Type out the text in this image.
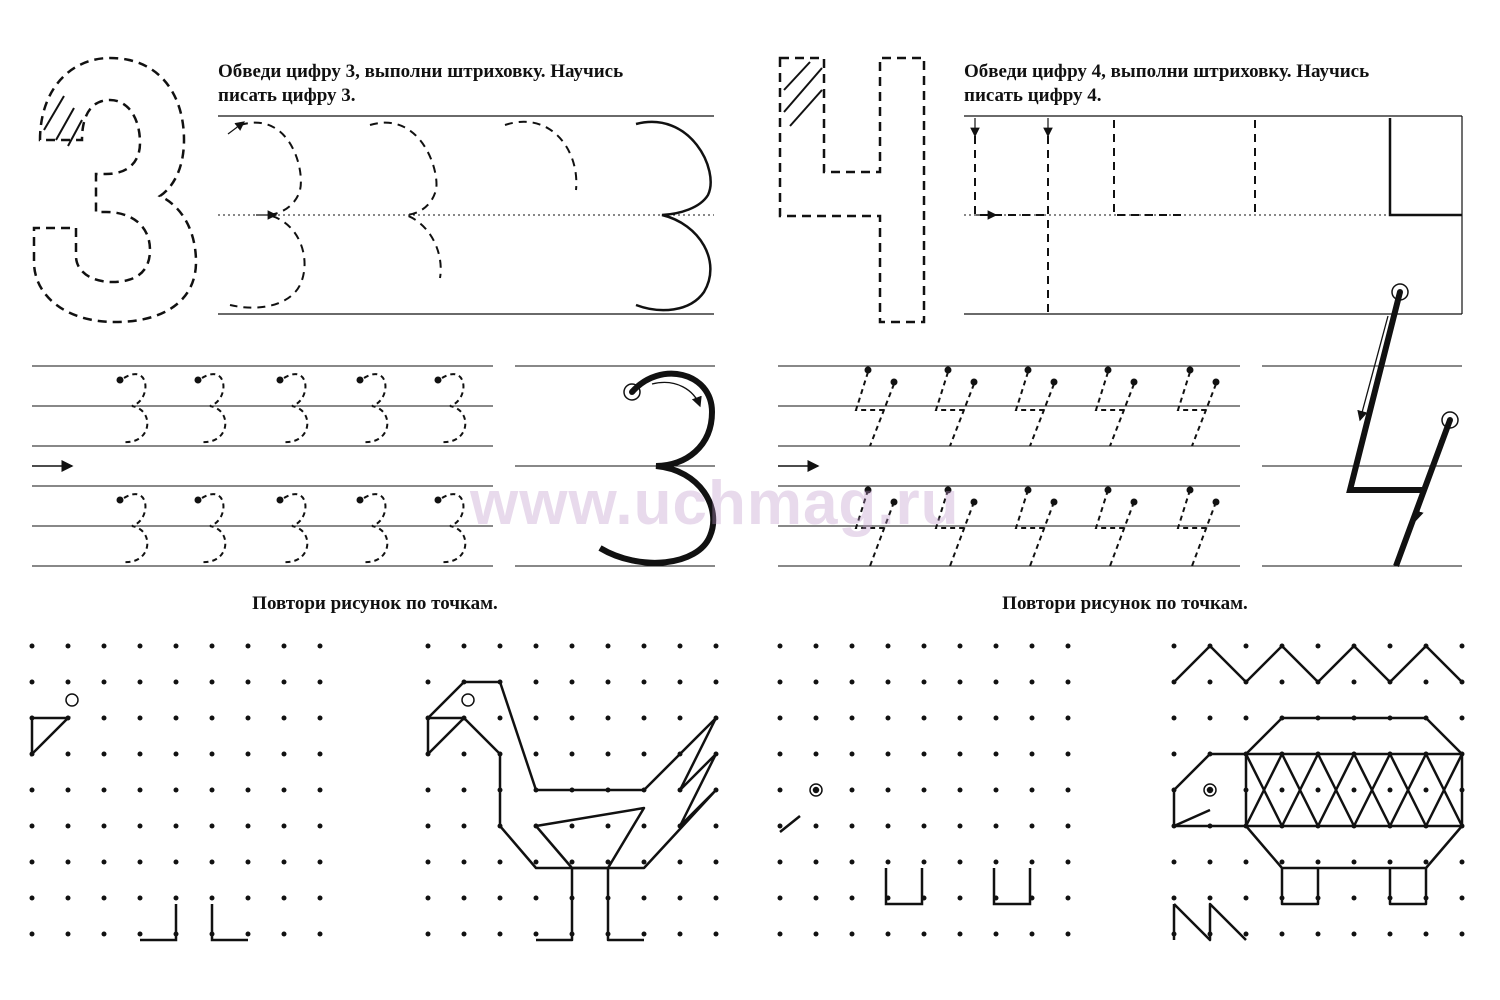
Обведи цифру 3, выполни штриховку. Научись
писать цифру 3.
Обведи цифру 4, выполни штриховку. Научись
писать цифру 4.
Повтори рисунок по точкам.	Повтори рисунок по точкам.
www.uchmag.ru
